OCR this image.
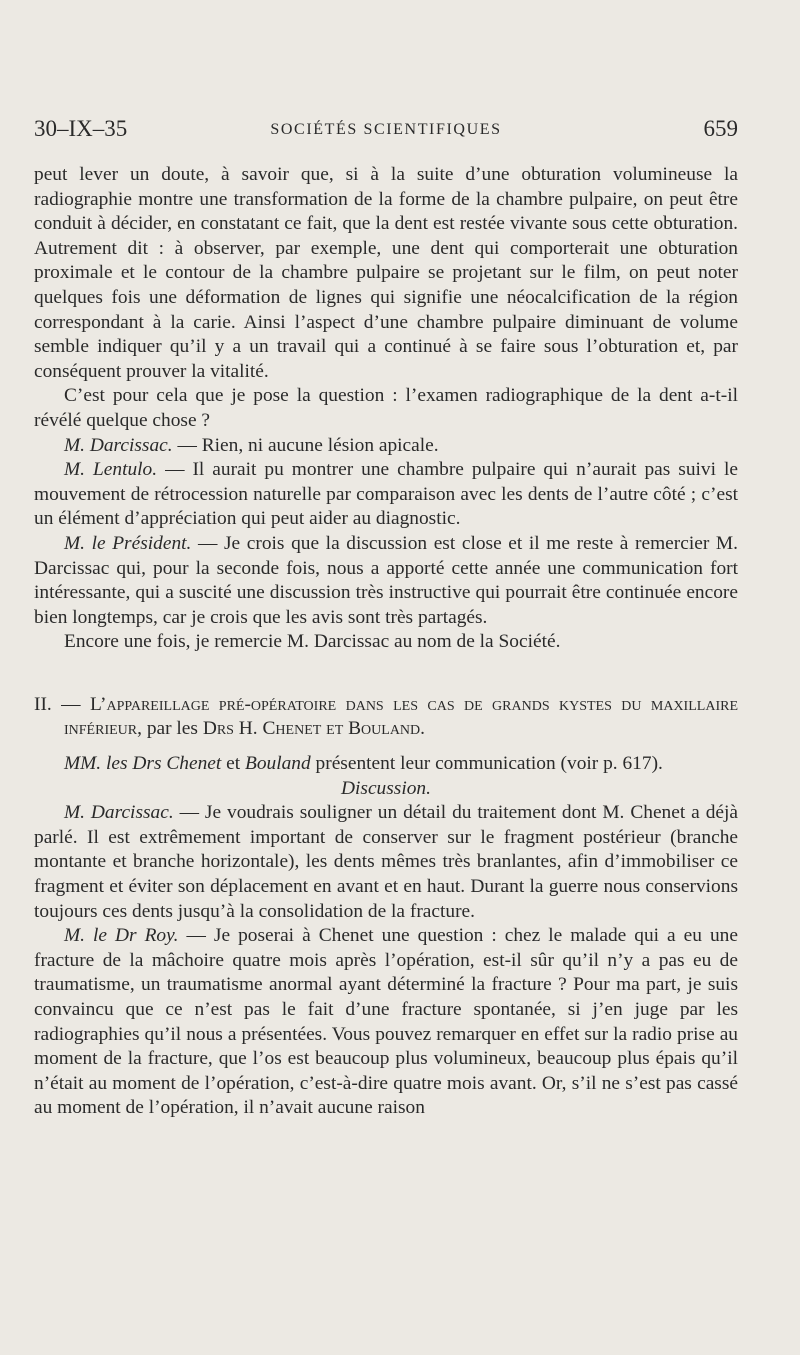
30–IX–35	SOCIÉTÉS SCIENTIFIQUES	659

peut lever un doute, à savoir que, si à la suite d’une obturation volumineuse la radiographie montre une transformation de la forme de la chambre pulpaire, on peut être conduit à décider, en constatant ce fait, que la dent est restée vivante sous cette obturation. Autrement dit : à observer, par exemple, une dent qui comporterait une obturation proximale et le contour de la chambre pulpaire se projetant sur le film, on peut noter quelques fois une déformation de lignes qui signifie une néocalcification de la région correspondant à la carie. Ainsi l’aspect d’une chambre pulpaire diminuant de volume semble indiquer qu’il y a un travail qui a continué à se faire sous l’obturation et, par conséquent prouver la vitalité.

C’est pour cela que je pose la question : l’examen radiographique de la dent a-t-il révélé quelque chose ?

M. Darcissac. — Rien, ni aucune lésion apicale.

M. Lentulo. — Il aurait pu montrer une chambre pulpaire qui n’aurait pas suivi le mouvement de rétrocession naturelle par comparaison avec les dents de l’autre côté ; c’est un élément d’appréciation qui peut aider au diagnostic.

M. le Président. — Je crois que la discussion est close et il me reste à remercier M. Darcissac qui, pour la seconde fois, nous a apporté cette année une communication fort intéressante, qui a suscité une discussion très instructive qui pourrait être continuée encore bien longtemps, car je crois que les avis sont très partagés.

Encore une fois, je remercie M. Darcissac au nom de la Société.

II. — L’appareillage pré-opératoire dans les cas de grands kystes du maxillaire inférieur, par les Drs H. Chenet et Bouland.

MM. les Drs Chenet et Bouland présentent leur communication (voir p. 617).

Discussion.

M. Darcissac. — Je voudrais souligner un détail du traitement dont M. Chenet a déjà parlé. Il est extrêmement important de conserver sur le fragment postérieur (branche montante et branche horizontale), les dents mêmes très branlantes, afin d’immobiliser ce fragment et éviter son déplacement en avant et en haut. Durant la guerre nous conservions toujours ces dents jusqu’à la consolidation de la fracture.

M. le Dr Roy. — Je poserai à Chenet une question : chez le malade qui a eu une fracture de la mâchoire quatre mois après l’opération, est-il sûr qu’il n’y a pas eu de traumatisme, un traumatisme anormal ayant déterminé la fracture ? Pour ma part, je suis convaincu que ce n’est pas le fait d’une fracture spontanée, si j’en juge par les radiographies qu’il nous a présentées. Vous pouvez remarquer en effet sur la radio prise au moment de la fracture, que l’os est beaucoup plus volumineux, beaucoup plus épais qu’il n’était au moment de l’opération, c’est-à-dire quatre mois avant. Or, s’il ne s’est pas cassé au moment de l’opération, il n’avait aucune raison
